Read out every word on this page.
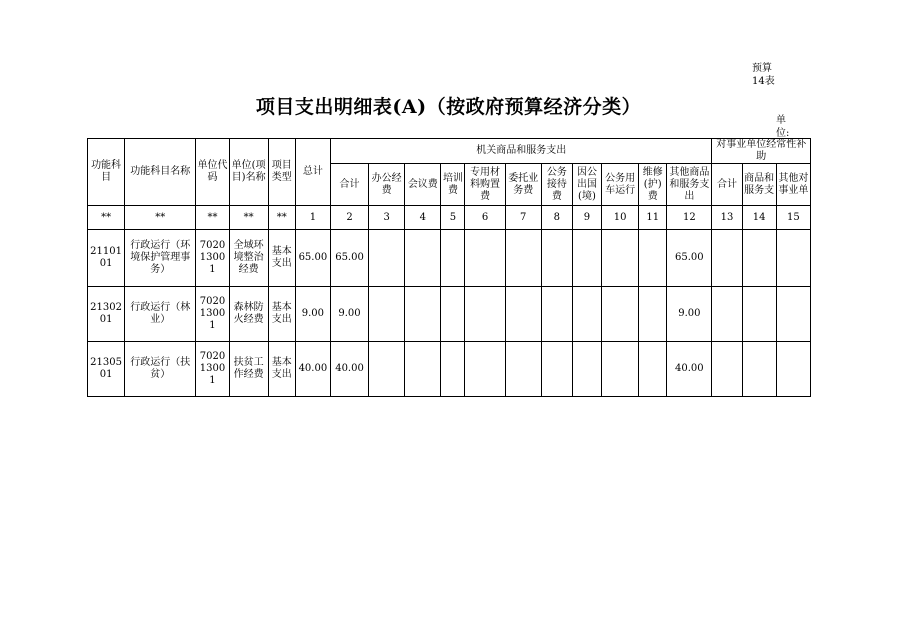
预算14表
项目支出明细表(A)（按政府预算经济分类）
单位:
功能科目	功能科目名称	单位代码	单位(项目)名称	项目类型	总计	机关商品和服务支出											对事业单位经常性补助		
						合计	办公经费	会议费	培训费	专用材料购置费	委托业务费	公务接待费	因公出国(境)	公务用车运行	维修(护)费	其他商品和服务支出	合计	商品和服务支	其他对事业单
**	**	**	**	**	1	2	3	4	5	6	7	8	9	10	11	12	13	14	15
2110101	行政运行（环境保护管理事务）	702013001	全域环境整治经费	基本支出	65.00	65.00										65.00			
2130201	行政运行（林业）	702013001	森林防火经费	基本支出	9.00	9.00										9.00			
2130501	行政运行（扶贫）	702013001	扶贫工作经费	基本支出	40.00	40.00										40.00			
